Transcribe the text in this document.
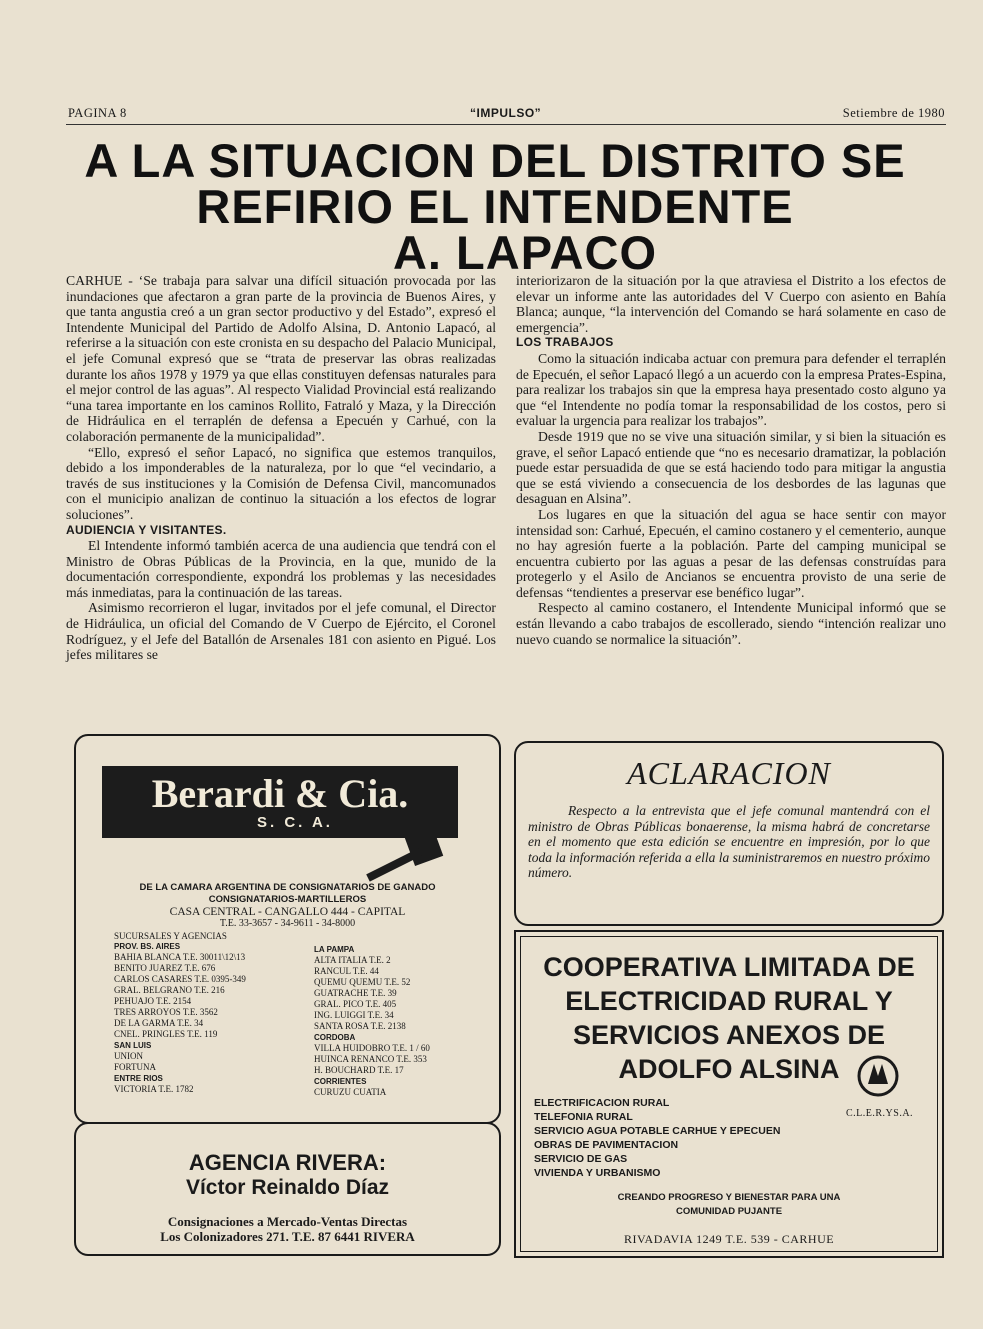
PAGINA 8	“IMPULSO”	Setiembre de 1980
A LA SITUACION DEL DISTRITO SE
REFIRIO EL INTENDENTE
A. LAPACO

CARHUE - ‘Se trabaja para salvar una difícil situación provocada por las inundaciones que afectaron a gran parte de la provincia de Buenos Aires, y que tanta angustia creó a un gran sector productivo y del Estado”, expresó el Intendente Municipal del Partido de Adolfo Alsina, D. Antonio Lapacó, al referirse a la situación con este cronista en su despacho del Palacio Municipal, el jefe Comunal expresó que se “trata de preservar las obras realizadas durante los años 1978 y 1979 ya que ellas constituyen defensas naturales para el mejor control de las aguas”. Al respecto Vialidad Provincial está realizando “una tarea importante en los caminos Rollito, Fatraló y Maza, y la Dirección de Hidráulica en el terraplén de defensa a Epecuén y Carhué, con la colaboración permanente de la municipalidad”.

“Ello, expresó el señor Lapacó, no significa que estemos tranquilos, debido a los imponderables de la naturaleza, por lo que “el vecindario, a través de sus instituciones y la Comisión de Defensa Civil, mancomunados con el municipio analizan de continuo la situación a los efectos de lograr soluciones”.

AUDIENCIA Y VISITANTES.

El Intendente informó también acerca de una audiencia que tendrá con el Ministro de Obras Públicas de la Provincia, en la que, munido de la documentación correspondiente, expondrá los problemas y las necesidades más inmediatas, para la continuación de las tareas.

Asimismo recorrieron el lugar, invitados por el jefe comunal, el Director de Hidráulica, un oficial del Comando de V Cuerpo de Ejército, el Coronel Rodríguez, y el Jefe del Batallón de Arsenales 181 con asiento en Pigué. Los jefes militares se

interiorizaron de la situación por la que atraviesa el Distrito a los efectos de elevar un informe ante las autoridades del V Cuerpo con asiento en Bahía Blanca; aunque, “la intervención del Comando se hará solamente en caso de emergencia”.

LOS TRABAJOS

Como la situación indicaba actuar con premura para defender el terraplén de Epecuén, el señor Lapacó llegó a un acuerdo con la empresa Prates-Espina, para realizar los trabajos sin que la empresa haya presentado costo alguno ya que “el Intendente no podía tomar la responsabilidad de los costos, pero si evaluar la urgencia para realizar los trabajos”.

Desde 1919 que no se vive una situación similar, y si bien la situación es grave, el señor Lapacó entiende que “no es necesario dramatizar, la población puede estar persuadida de que se está haciendo todo para mitigar la angustia que se está viviendo a consecuencia de los desbordes de las lagunas que desaguan en Alsina”.

Los lugares en que la situación del agua se hace sentir con mayor intensidad son: Carhué, Epecuén, el camino costanero y el cementerio, aunque no hay agresión fuerte a la población. Parte del camping municipal se encuentra cubierto por las aguas a pesar de las defensas construídas para protegerlo y el Asilo de Ancianos se encuentra provisto de una serie de defensas “tendientes a preservar ese benéfico lugar”.

Respecto al camino costanero, el Intendente Municipal informó que se están llevando a cabo trabajos de escollerado, siendo “intención realizar uno nuevo cuando se normalice la situación”.

Berardi & Cia.
S. C. A.
DE LA CAMARA ARGENTINA DE CONSIGNATARIOS DE GANADO
CONSIGNATARIOS-MARTILLEROS
CASA CENTRAL - CANGALLO 444 - CAPITAL
T.E. 33-3657 - 34-9611 - 34-8000
SUCURSALES Y AGENCIAS
PROV. BS. AIRES
BAHIA BLANCA T.E. 30011\12\13
BENITO JUAREZ T.E. 676
CARLOS CASARES T.E. 0395-349
GRAL. BELGRANO T.E. 216
PEHUAJO T.E. 2154
TRES ARROYOS T.E. 3562
DE LA GARMA T.E. 34
CNEL. PRINGLES T.E. 119
SAN LUIS
UNION
FORTUNA
ENTRE RIOS
VICTORIA T.E. 1782
LA PAMPA
ALTA ITALIA T.E. 2
RANCUL T.E. 44
QUEMU QUEMU T.E. 52
GUATRACHE T.E. 39
GRAL. PICO T.E. 405
ING. LUIGGI T.E. 34
SANTA ROSA T.E. 2138
CORDOBA
VILLA HUIDOBRO T.E. 1 / 60
HUINCA RENANCO T.E. 353
H. BOUCHARD T.E. 17
CORRIENTES
CURUZU CUATIA
AGENCIA RIVERA:
Víctor Reinaldo Díaz
Consignaciones a Mercado-Ventas Directas
Los Colonizadores 271. T.E. 87 6441 RIVERA
ACLARACION
Respecto a la entrevista que el jefe comunal mantendrá con el ministro de Obras Públicas bonaerense, la misma habrá de concretarse en el momento que esta edición se encuentre en impresión, por lo que toda la información referida a ella la suministraremos en nuestro próximo número.
COOPERATIVA LIMITADA DE
ELECTRICIDAD RURAL Y
SERVICIOS ANEXOS DE
ADOLFO ALSINA
C.L.E.R.YS.A.
ELECTRIFICACION RURAL
TELEFONIA RURAL
SERVICIO AGUA POTABLE CARHUE Y EPECUEN
OBRAS DE PAVIMENTACION
SERVICIO DE GAS
VIVIENDA Y URBANISMO
CREANDO PROGRESO Y BIENESTAR PARA UNA
COMUNIDAD PUJANTE
RIVADAVIA 1249 T.E. 539 - CARHUE
